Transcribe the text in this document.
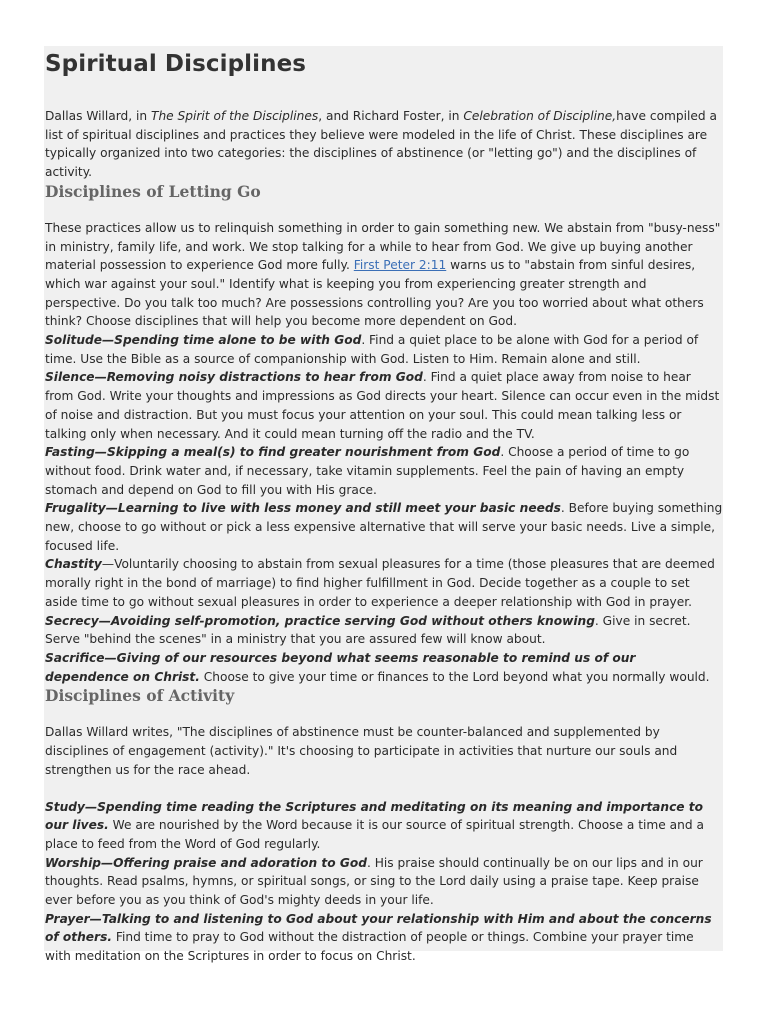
Spiritual Disciplines

Dallas Willard, in The Spirit of the Disciplines, and Richard Foster, in Celebration of Discipline,have compiled a list of spiritual disciplines and practices they believe were modeled in the life of Christ. These disciplines are typically organized into two categories: the disciplines of abstinence (or "letting go") and the disciplines of activity.

Disciplines of Letting Go

These practices allow us to relinquish something in order to gain something new. We abstain from "busy-ness" in ministry, family life, and work. We stop talking for a while to hear from God. We give up buying another material possession to experience God more fully. First Peter 2:11 warns us to "abstain from sinful desires, which war against your soul." Identify what is keeping you from experiencing greater strength and perspective. Do you talk too much? Are possessions controlling you? Are you too worried about what others think? Choose disciplines that will help you become more dependent on God.

Solitude—Spending time alone to be with God. Find a quiet place to be alone with God for a period of time. Use the Bible as a source of companionship with God. Listen to Him. Remain alone and still.

Silence—Removing noisy distractions to hear from God. Find a quiet place away from noise to hear from God. Write your thoughts and impressions as God directs your heart. Silence can occur even in the midst of noise and distraction. But you must focus your attention on your soul. This could mean talking less or talking only when necessary. And it could mean turning off the radio and the TV.

Fasting—Skipping a meal(s) to find greater nourishment from God. Choose a period of time to go without food. Drink water and, if necessary, take vitamin supplements. Feel the pain of having an empty stomach and depend on God to fill you with His grace.

Frugality—Learning to live with less money and still meet your basic needs. Before buying something new, choose to go without or pick a less expensive alternative that will serve your basic needs. Live a simple, focused life.

Chastity—Voluntarily choosing to abstain from sexual pleasures for a time (those pleasures that are deemed morally right in the bond of marriage) to find higher fulfillment in God. Decide together as a couple to set aside time to go without sexual pleasures in order to experience a deeper relationship with God in prayer.

Secrecy—Avoiding self-promotion, practice serving God without others knowing. Give in secret. Serve "behind the scenes" in a ministry that you are assured few will know about.

Sacrifice—Giving of our resources beyond what seems reasonable to remind us of our dependence on Christ. Choose to give your time or finances to the Lord beyond what you normally would.

Disciplines of Activity

Dallas Willard writes, "The disciplines of abstinence must be counter-balanced and supplemented by disciplines of engagement (activity)." It's choosing to participate in activities that nurture our souls and strengthen us for the race ahead.

Study—Spending time reading the Scriptures and meditating on its meaning and importance to our lives. We are nourished by the Word because it is our source of spiritual strength. Choose a time and a place to feed from the Word of God regularly.

Worship—Offering praise and adoration to God. His praise should continually be on our lips and in our thoughts. Read psalms, hymns, or spiritual songs, or sing to the Lord daily using a praise tape. Keep praise ever before you as you think of God's mighty deeds in your life.

Prayer—Talking to and listening to God about your relationship with Him and about the concerns of others. Find time to pray to God without the distraction of people or things. Combine your prayer time with meditation on the Scriptures in order to focus on Christ.
